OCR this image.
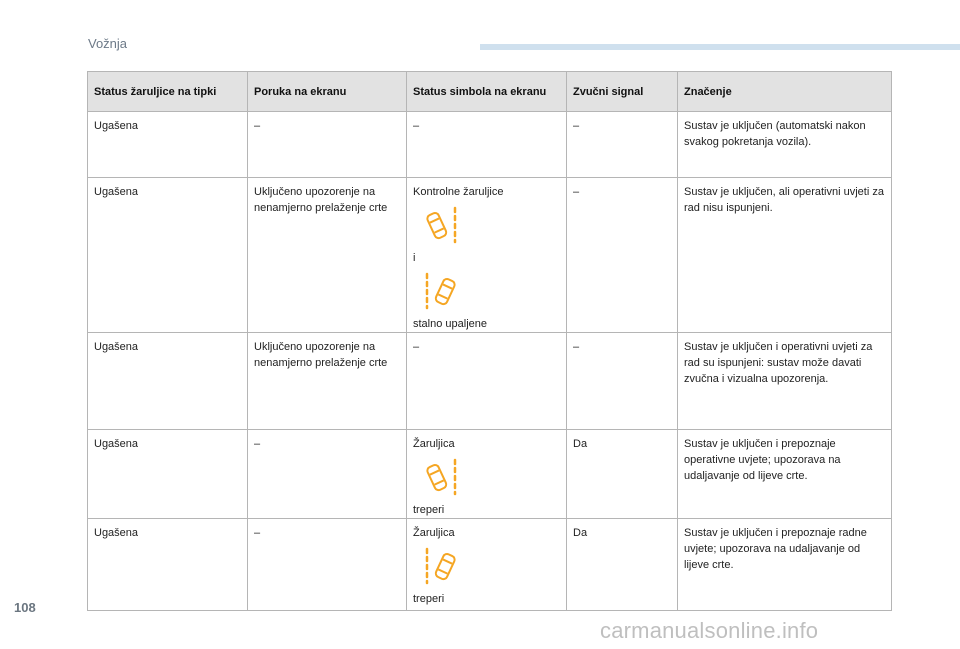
Vožnja
Status žaruljice na tipki	Poruka na ekranu	Status simbola na ekranu	Zvučni signal	Značenje
Ugašena	–	–	–	Sustav je uključen (automatski nakon svakog pokretanja vozila).
Ugašena	Uključeno upozorenje na nenamjerno prelaženje crte	Kontrolne žaruljice
i
stalno upaljene	–	Sustav je uključen, ali operativni uvjeti za rad nisu ispunjeni.
Ugašena	Uključeno upozorenje na nenamjerno prelaženje crte	–	–	Sustav je uključen i operativni uvjeti za rad su ispunjeni: sustav može davati zvučna i vizualna upozorenja.
Ugašena	–	Žaruljica
treperi	Da	Sustav je uključen i prepoznaje operativne uvjete; upozorava na udaljavanje od lijeve crte.
Ugašena	–	Žaruljica
treperi	Da	Sustav je uključen i prepoznaje radne uvjete; upozorava na udaljavanje od lijeve crte.
108
carmanualsonline.info
